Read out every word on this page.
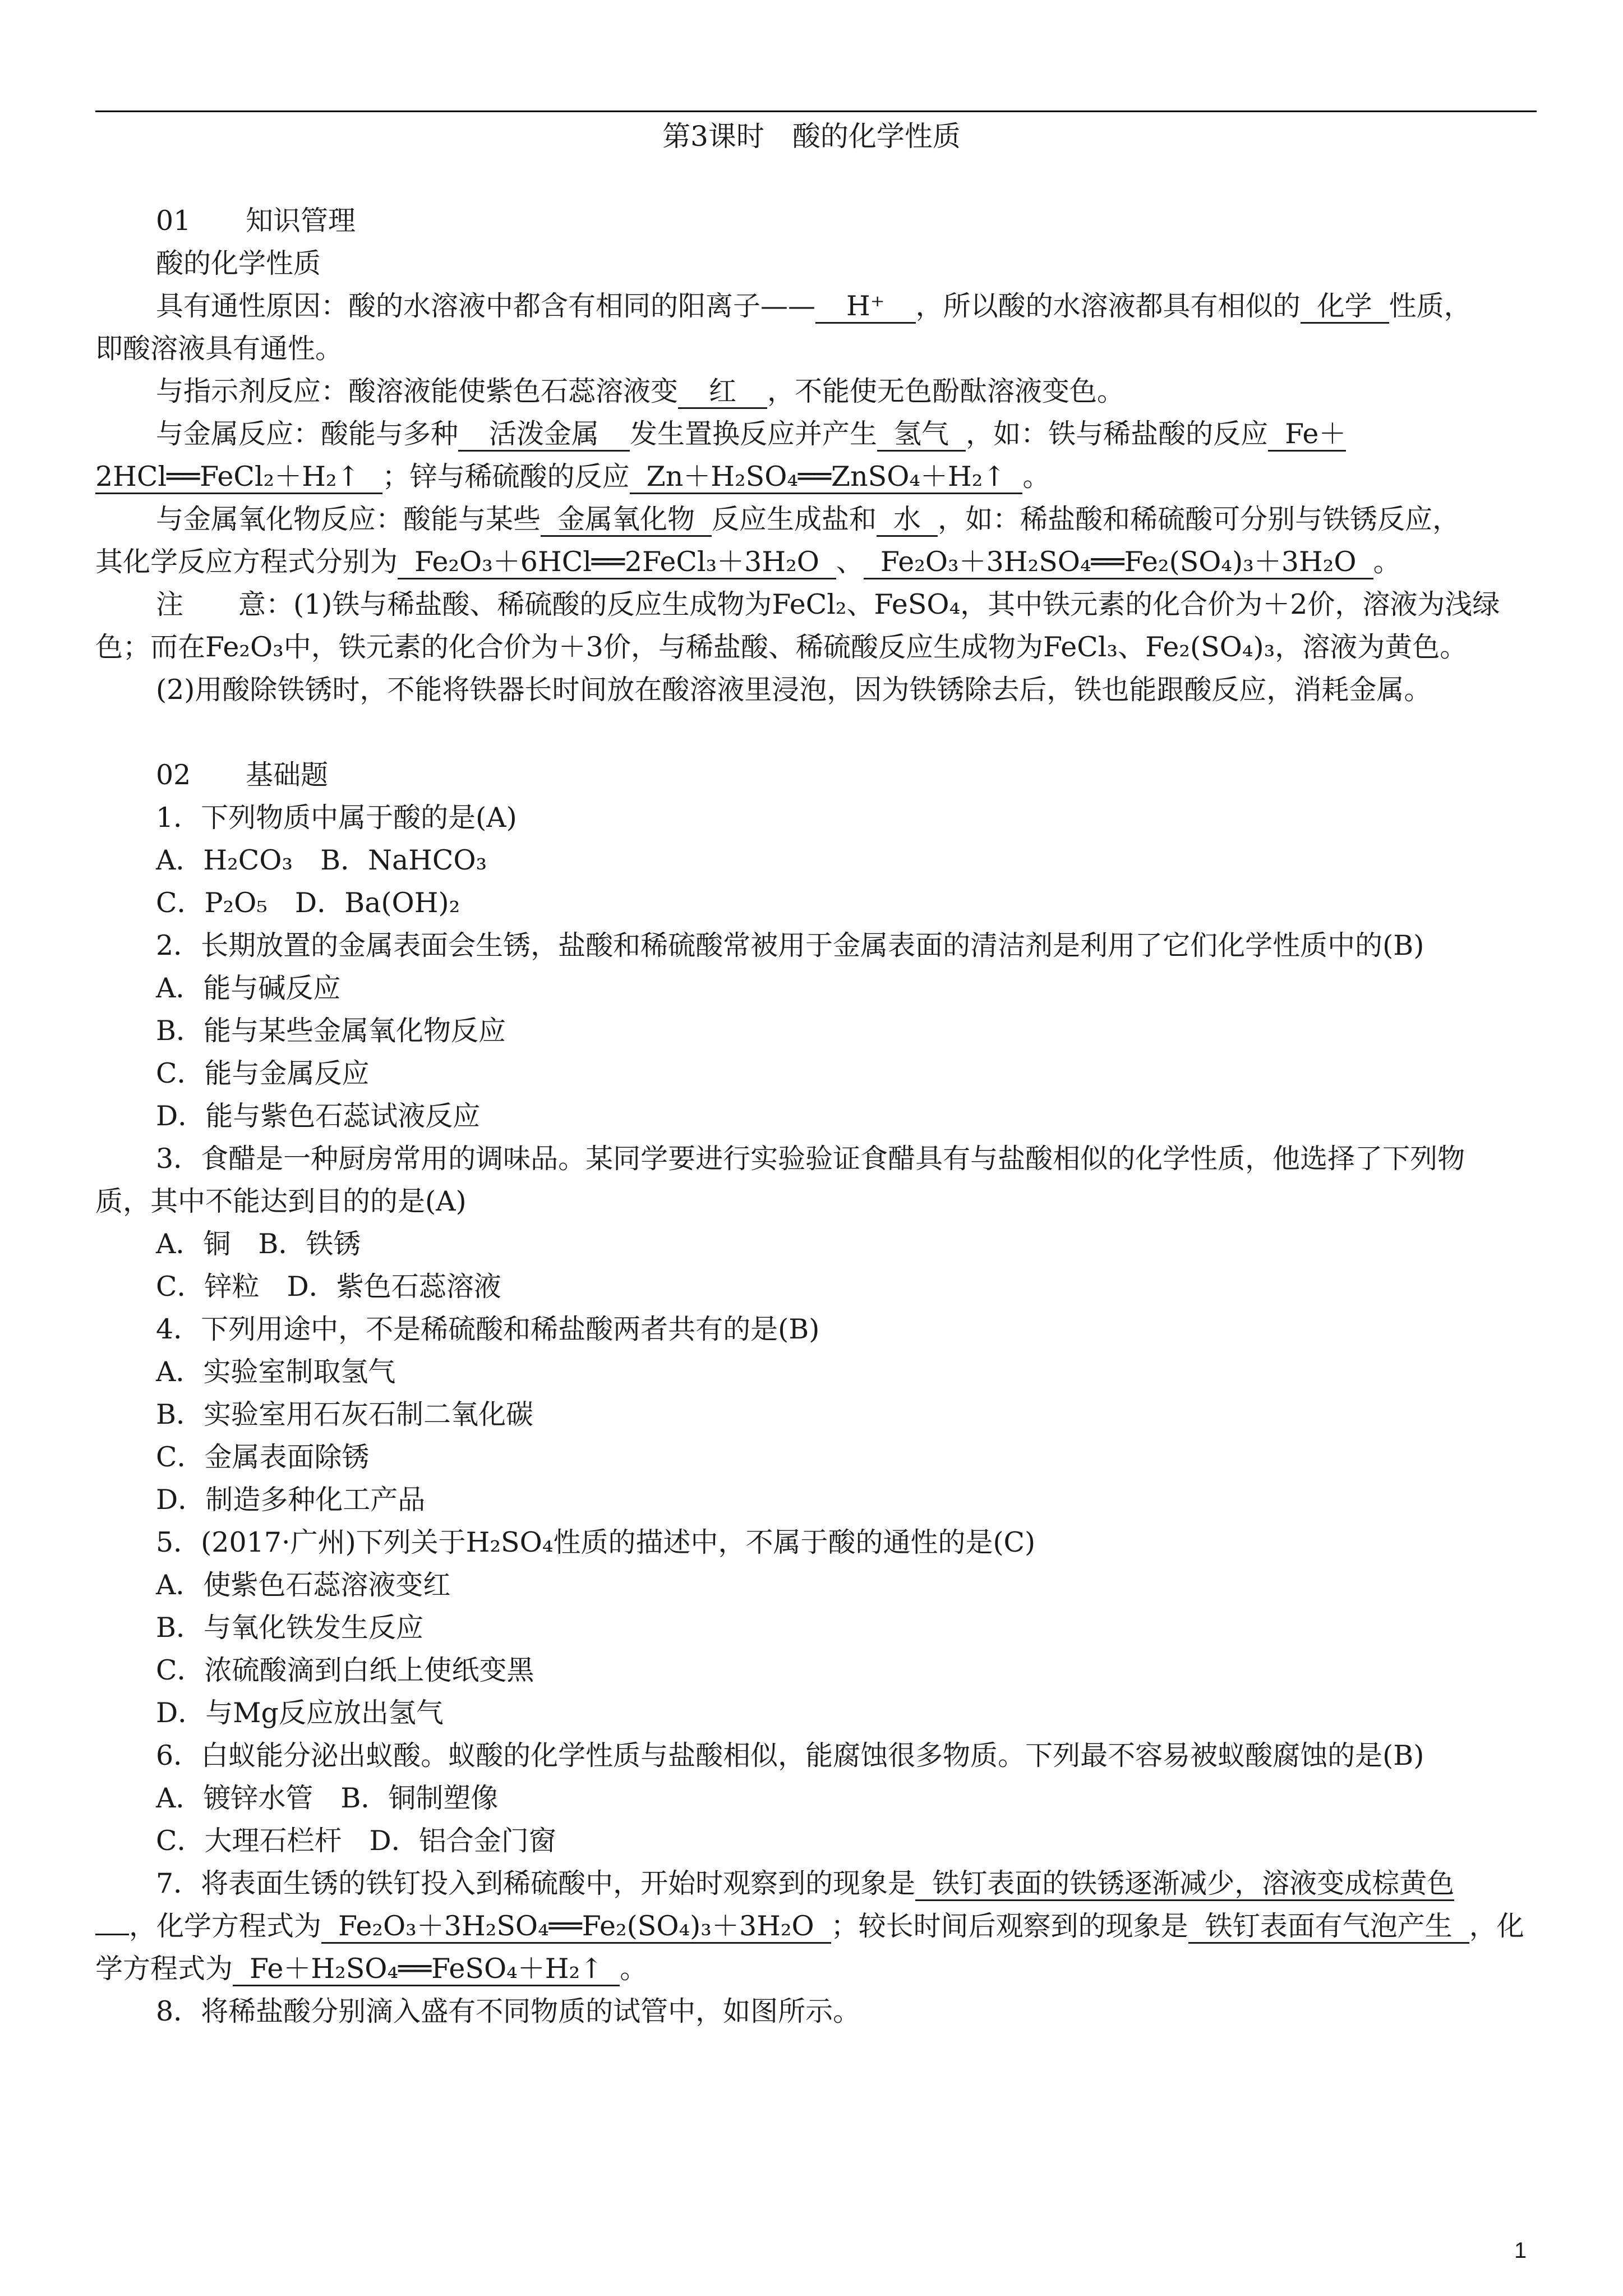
第3课时　酸的化学性质
01 知识管理
酸的化学性质
具有通性原因：酸的水溶液中都含有相同的阳离子—— H⁺ ，所以酸的水溶液都具有相似的 化学 性质，
即酸溶液具有通性。
与指示剂反应：酸溶液能使紫色石蕊溶液变 红 ，不能使无色酚酞溶液变色。
与金属反应：酸能与多种 活泼金属 发生置换反应并产生 氢气 ，如：铁与稀盐酸的反应 Fe＋
2HCl══FeCl₂＋H₂↑ ；锌与稀硫酸的反应 Zn＋H₂SO₄══ZnSO₄＋H₂↑ 。
与金属氧化物反应：酸能与某些 金属氧化物 反应生成盐和 水 ，如：稀盐酸和稀硫酸可分别与铁锈反应，
其化学反应方程式分别为 Fe₂O₃＋6HCl══2FeCl₃＋3H₂O 、 Fe₂O₃＋3H₂SO₄══Fe₂(SO₄)₃＋3H₂O 。
注　　意：(1)铁与稀盐酸、稀硫酸的反应生成物为FeCl₂、FeSO₄，其中铁元素的化合价为＋2价，溶液为浅绿
色；而在Fe₂O₃中，铁元素的化合价为＋3价，与稀盐酸、稀硫酸反应生成物为FeCl₃、Fe₂(SO₄)₃，溶液为黄色。
(2)用酸除铁锈时，不能将铁器长时间放在酸溶液里浸泡，因为铁锈除去后，铁也能跟酸反应，消耗金属。
02 基础题
1．下列物质中属于酸的是(A)
A．H₂CO₃　B．NaHCO₃
C．P₂O₅　D．Ba(OH)₂
2．长期放置的金属表面会生锈，盐酸和稀硫酸常被用于金属表面的清洁剂是利用了它们化学性质中的(B)
A．能与碱反应
B．能与某些金属氧化物反应
C．能与金属反应
D．能与紫色石蕊试液反应
3．食醋是一种厨房常用的调味品。某同学要进行实验验证食醋具有与盐酸相似的化学性质，他选择了下列物
质，其中不能达到目的的是(A)
A．铜　B．铁锈
C．锌粒　D．紫色石蕊溶液
4．下列用途中，不是稀硫酸和稀盐酸两者共有的是(B)
A．实验室制取氢气
B．实验室用石灰石制二氧化碳
C．金属表面除锈
D．制造多种化工产品
5．(2017·广州)下列关于H₂SO₄性质的描述中，不属于酸的通性的是(C)
A．使紫色石蕊溶液变红
B．与氧化铁发生反应
C．浓硫酸滴到白纸上使纸变黑
D．与Mg反应放出氢气
6．白蚁能分泌出蚁酸。蚁酸的化学性质与盐酸相似，能腐蚀很多物质。下列最不容易被蚁酸腐蚀的是(B)
A．镀锌水管　B．铜制塑像
C．大理石栏杆　D．铝合金门窗
7．将表面生锈的铁钉投入到稀硫酸中，开始时观察到的现象是 铁钉表面的铁锈逐渐减少，溶液变成棕黄色
，化学方程式为 Fe₂O₃＋3H₂SO₄══Fe₂(SO₄)₃＋3H₂O ；较长时间后观察到的现象是 铁钉表面有气泡产生 ，化
学方程式为 Fe＋H₂SO₄══FeSO₄＋H₂↑ 。
8．将稀盐酸分别滴入盛有不同物质的试管中，如图所示。
1
